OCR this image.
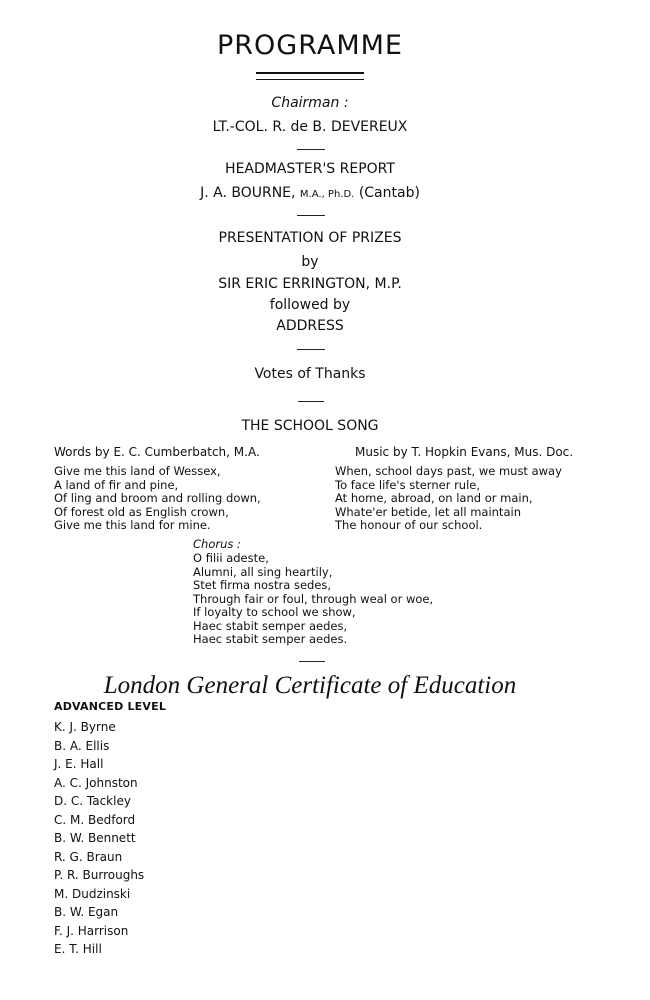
PROGRAMME
Chairman :
LT.-COL. R. de B. DEVEREUX
HEADMASTER'S REPORT
J. A. BOURNE, M.A., Ph.D. (Cantab)
PRESENTATION OF PRIZES
by
SIR ERIC ERRINGTON, M.P.
followed by
ADDRESS
Votes of Thanks
THE SCHOOL SONG
Words by E. C. Cumberbatch, M.A.	Music by T. Hopkin Evans, Mus. Doc.
Give me this land of Wessex,
A land of fir and pine,
Of ling and broom and rolling down,
Of forest old as English crown,
Give me this land for mine.
When, school days past, we must away
To face life's sterner rule,
At home, abroad, on land or main,
Whate'er betide, let all maintain
The honour of our school.
Chorus :
O filii adeste,
Alumni, all sing heartily,
Stet firma nostra sedes,
Through fair or foul, through weal or woe,
If loyalty to school we show,
Haec stabit semper aedes,
Haec stabit semper aedes.
London General Certificate of Education
ADVANCED LEVEL
K. J. Byrne
B. A. Ellis
J. E. Hall
A. C. Johnston
D. C. Tackley
C. M. Bedford
B. W. Bennett
R. G. Braun
P. R. Burroughs
M. Dudzinski
B. W. Egan
F. J. Harrison
E. T. Hill
